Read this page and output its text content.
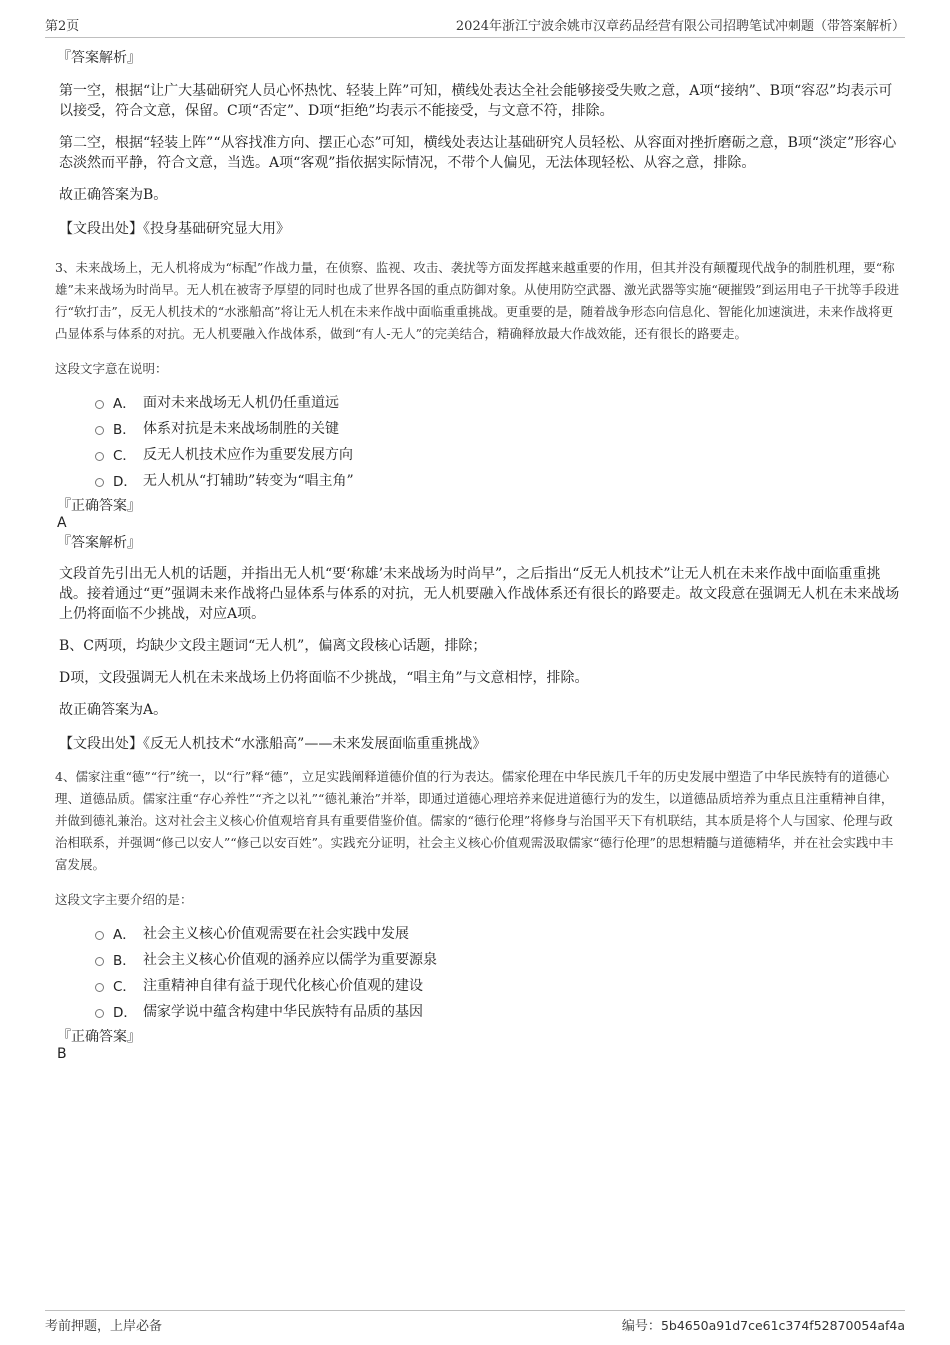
第2页	2024年浙江宁波余姚市汉章药品经营有限公司招聘笔试冲刺题（带答案解析）
『答案解析』

第一空，根据“让广大基础研究人员心怀热忱、轻装上阵”可知，横线处表达全社会能够接受失败之意，A项“接纳”、B项“容忍”均表示可以接受，符合文意，保留。C项“否定”、D项“拒绝”均表示不能接受，与文意不符，排除。

第二空，根据“轻装上阵”“从容找准方向、摆正心态”可知，横线处表达让基础研究人员轻松、从容面对挫折磨砺之意，B项“淡定”形容心态淡然而平静，符合文意，当选。A项“客观”指依据实际情况，不带个人偏见，无法体现轻松、从容之意，排除。

故正确答案为B。

【文段出处】《投身基础研究显大用》

3、未来战场上，无人机将成为“标配”作战力量，在侦察、监视、攻击、袭扰等方面发挥越来越重要的作用，但其并没有颠覆现代战争的制胜机理，要“称雄”未来战场为时尚早。无人机在被寄予厚望的同时也成了世界各国的重点防御对象。从使用防空武器、激光武器等实施“硬摧毁”到运用电子干扰等手段进行“软打击”，反无人机技术的“水涨船高”将让无人机在未来作战中面临重重挑战。更重要的是，随着战争形态向信息化、智能化加速演进，未来作战将更凸显体系与体系的对抗。无人机要融入作战体系，做到“有人-无人”的完美结合，精确释放最大作战效能，还有很长的路要走。

这段文字意在说明：

A． 面对未来战场无人机仍任重道远
B． 体系对抗是未来战场制胜的关键
C． 反无人机技术应作为重要发展方向
D． 无人机从“打辅助”转变为“唱主角”
『正确答案』
A
『答案解析』

文段首先引出无人机的话题，并指出无人机“要‘称雄’未来战场为时尚早”，之后指出“反无人机技术”让无人机在未来作战中面临重重挑战。接着通过“更”强调未来作战将凸显体系与体系的对抗，无人机要融入作战体系还有很长的路要走。故文段意在强调无人机在未来战场上仍将面临不少挑战，对应A项。

B、C两项，均缺少文段主题词“无人机”，偏离文段核心话题，排除；

D项，文段强调无人机在未来战场上仍将面临不少挑战，“唱主角”与文意相悖，排除。

故正确答案为A。

【文段出处】《反无人机技术“水涨船高”——未来发展面临重重挑战》

4、儒家注重“德”“行”统一，以“行”释“德”，立足实践阐释道德价值的行为表达。儒家伦理在中华民族几千年的历史发展中塑造了中华民族特有的道德心理、道德品质。儒家注重“存心养性”“齐之以礼”“德礼兼治”并举，即通过道德心理培养来促进道德行为的发生，以道德品质培养为重点且注重精神自律，并做到德礼兼治。这对社会主义核心价值观培育具有重要借鉴价值。儒家的“德行伦理”将修身与治国平天下有机联结，其本质是将个人与国家、伦理与政治相联系，并强调“修己以安人”“修己以安百姓”。实践充分证明，社会主义核心价值观需汲取儒家“德行伦理”的思想精髓与道德精华，并在社会实践中丰富发展。

这段文字主要介绍的是：

A． 社会主义核心价值观需要在社会实践中发展
B． 社会主义核心价值观的涵养应以儒学为重要源泉
C． 注重精神自律有益于现代化核心价值观的建设
D． 儒家学说中蕴含构建中华民族特有品质的基因
『正确答案』
B
考前押题，上岸必备	编号：5b4650a91d7ce61c374f52870054af4a
